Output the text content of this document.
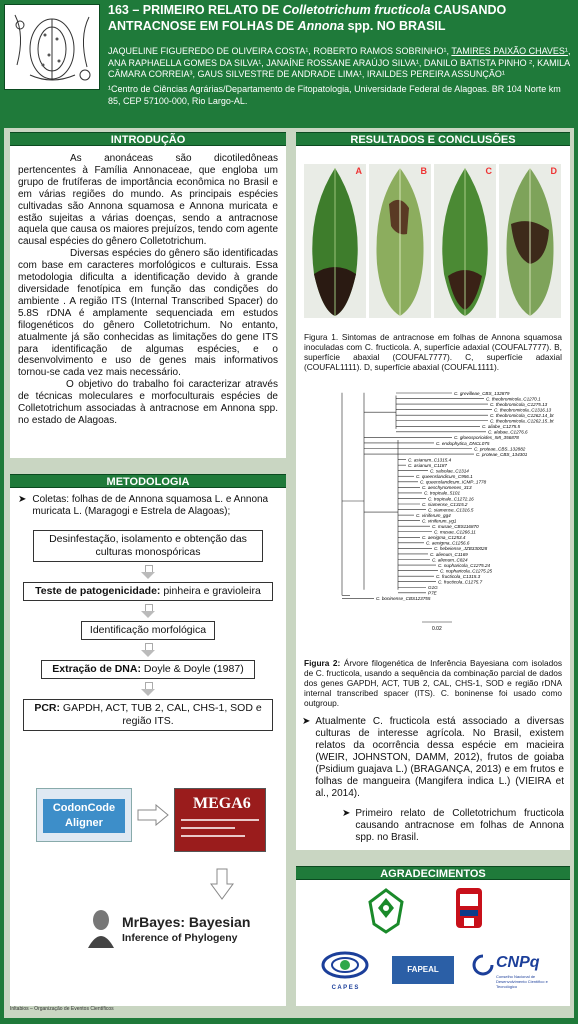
163 – PRIMEIRO RELATO DE Colletotrichum fructicola CAUSANDO ANTRACNOSE EM FOLHAS DE Annona spp. NO BRASIL
JAQUELINE FIGUEREDO DE OLIVEIRA COSTA¹, ROBERTO RAMOS SOBRINHO¹, TAMIRES PAIXÃO CHAVES¹, ANA RAPHAELLA GOMES DA SILVA¹, JANAÍNE ROSSANE ARAÚJO SILVA¹, DANILO BATISTA PINHO ², KAMILA CÂMARA CORREIA³, GAUS SILVESTRE DE ANDRADE LIMA¹, IRAILDES PEREIRA ASSUNÇÃO¹
¹Centro de Ciências Agrárias/Departamento de Fitopatologia, Universidade Federal de Alagoas. BR 104 Norte km 85, CEP 57100-000, Rio Largo-AL.
INTRODUÇÃO

As anonáceas são dicotiledôneas pertencentes à Família Annonaceae, que engloba um grupo de frutíferas de importância econômica no Brasil e em várias regiões do mundo. As principais espécies cultivadas são Annona squamosa e Annona muricata e estão sujeitas a várias doenças, sendo a antracnose aquela que causa os maiores prejuízos, tendo com agente causal espécies do gênero Colletotrichum.

Diversas espécies do gênero são identificadas com base em caracteres morfológicos e culturais. Essa metodologia dificulta a identificação devido à grande diversidade fenotípica em função das condições do ambiente . A região ITS (Internal Transcribed Spacer) do 5.8S rDNA é amplamente sequenciada em estudos filogenéticos do gênero Colletotrichum. No entanto, atualmente já são conhecidas as limitações do gene ITS para identificação de algumas espécies, e o desenvolvimento e uso de genes mais informativos tornou-se cada vez mais necessário.

O objetivo do trabalho foi caracterizar através de técnicas moleculares e morfoculturais espécies de Colletotrichum associadas à antracnose em Annona spp. no estado de Alagoas.

METODOLOGIA
➤ Coletas: folhas de de Annona squamosa L. e Annona muricata L. (Maragogi e Estrela de Alagoas);
Desinfestação, isolamento e obtenção das culturas monospóricas
Teste de patogenicidade: pinheira e gravioleira
Identificação morfológica
Extração de DNA: Doyle & Doyle (1987)
PCR: GAPDH, ACT, TUB 2, CAL, CHS-1, SOD e região ITS.
CodonCode
Aligner
MEGA6
MrBayes: Bayesian
Inference of Phylogeny
RESULTADOS E CONCLUSÕES
A	B	C	D
Figura 1. Sintomas de antracnose em folhas de Annona squamosa inoculadas com C. fructicola. A, superfície adaxial (COUFAL7777). B, superfície abaxial (COUFAL7777). C, superfície adaxial (COUFAL1111). D, superfície abaxial (COUFAL1111).
C. grevilleae_CBS_132879
C. theobromicola_C1270.1
C. theobromicola_C1275.13
C. theobromicola_C1316.13
C. theobromicola_C1262.14_bt
C. theobromicola_C1262.15_bt
C. aliabe_C1275.5
C. alabae_C1276.6
C. gloeosporioides_IMI_356878
C. endophytica_DNCL075
C. proteae_CBS_132882
C. proteae_CBS_134301
C. asianum_C1315.4
C. asianum_C1187
C. salsolae_C1314
C. queenslandicum_C956.1
C. queenslandicum_ICMP_1778
C. aeschynomenes_313
C. tropicale_5101
C. tropicale_C1272.16
C. siamense_C1315.2
C. siamense_C1316.5
C. viniferum_gg4
C. viniferum_yg1
C. musae_CBS116870
C. musae_C1266.11
C. aenigma_C1253.4
C. aenigma_C1256.6
C. hebeiense_JZB330028
C. alienum_C1169
C. alienum_C824
C. nupharicola_C1275.24
C. nupharicola_C1275.25
C. fructicola_C1315.3
C. fructicola_C1275.7
G1G
P7E
C. boninense_CBS123755
0.02
Figura 2: Árvore filogenética de Inferência Bayesiana com isolados de C. fructicola, usando a sequência da combinação parcial de dados dos genes GAPDH, ACT, TUB 2, CAL, CHS-1, SOD e região rDNA internal transcribed spacer (ITS). C. boninense foi usado como outgroup.
➤ Atualmente C. fructicola está associado a diversas culturas de interesse agrícola. No Brasil, existem relatos da ocorrência dessa espécie em macieira (WEIR, JOHNSTON, DAMM, 2012), frutos de goiaba (Psidium guajava L.) (BRAGANÇA, 2013) e em frutos e folhas de mangueira (Mangifera indica L.) (VIEIRA et al., 2014).
➤ Primeiro relato de Colletotrichum fructicola causando antracnose em folhas de Annona spp. no Brasil.
AGRADECIMENTOS
C A P E S
FAPEAL	CNPq
Conselho Nacional de Desenvolvimento Científico e Tecnológico
Inltabios – Organização de Eventos Científicos
